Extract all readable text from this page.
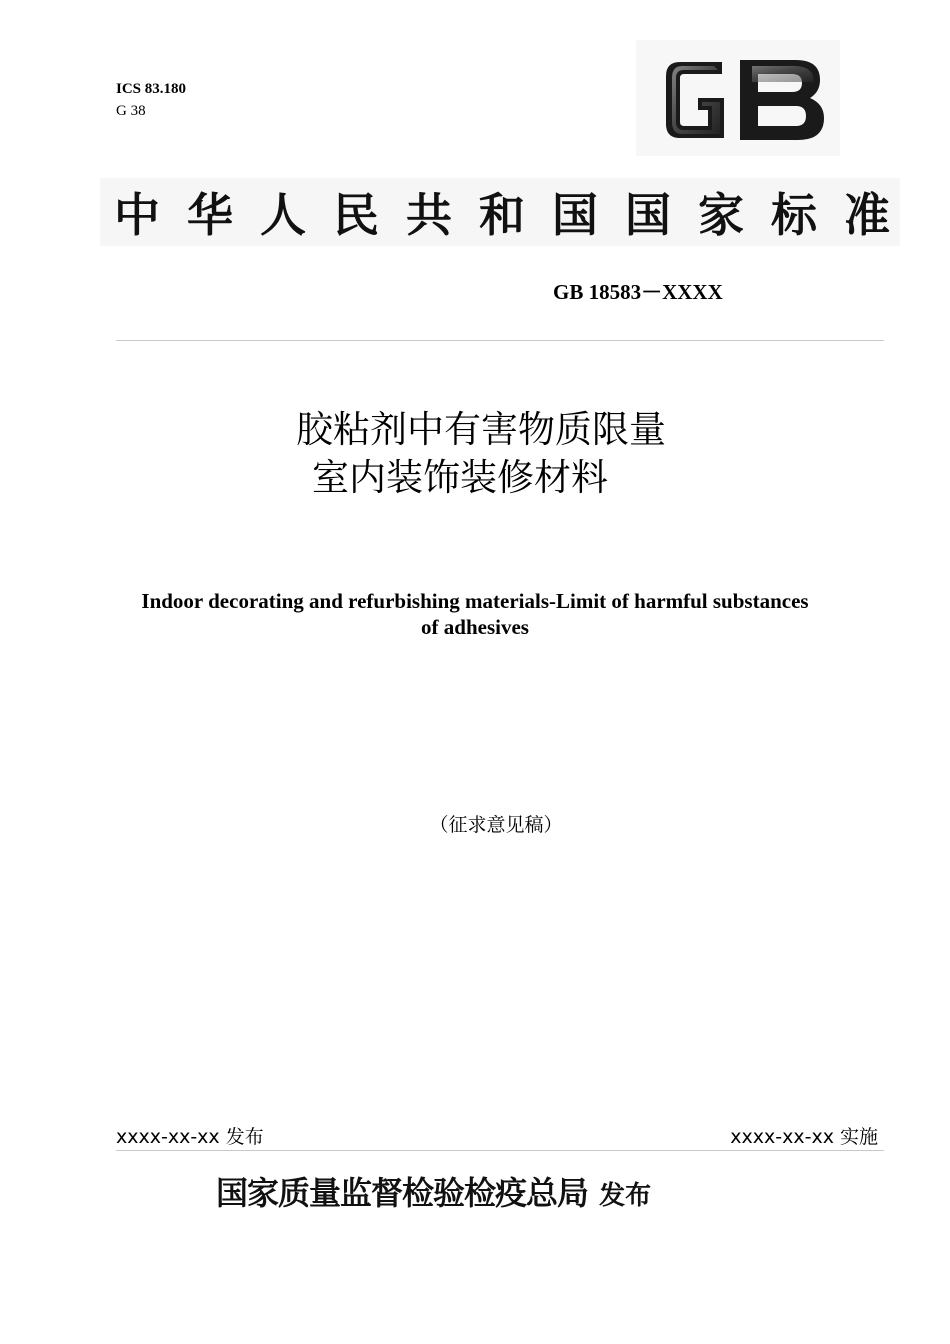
ICS 83.180
G 38
中 华 人 民 共 和 国 国 家 标 准
GB 18583－XXXX
胶粘剂中有害物质限量
室内装饰装修材料
Indoor decorating and refurbishing materials-Limit of harmful substances
of adhesives
（征求意见稿）
xxxx-xx-xx 发布	xxxx-xx-xx 实施
国家质量监督检验检疫总局 发布
